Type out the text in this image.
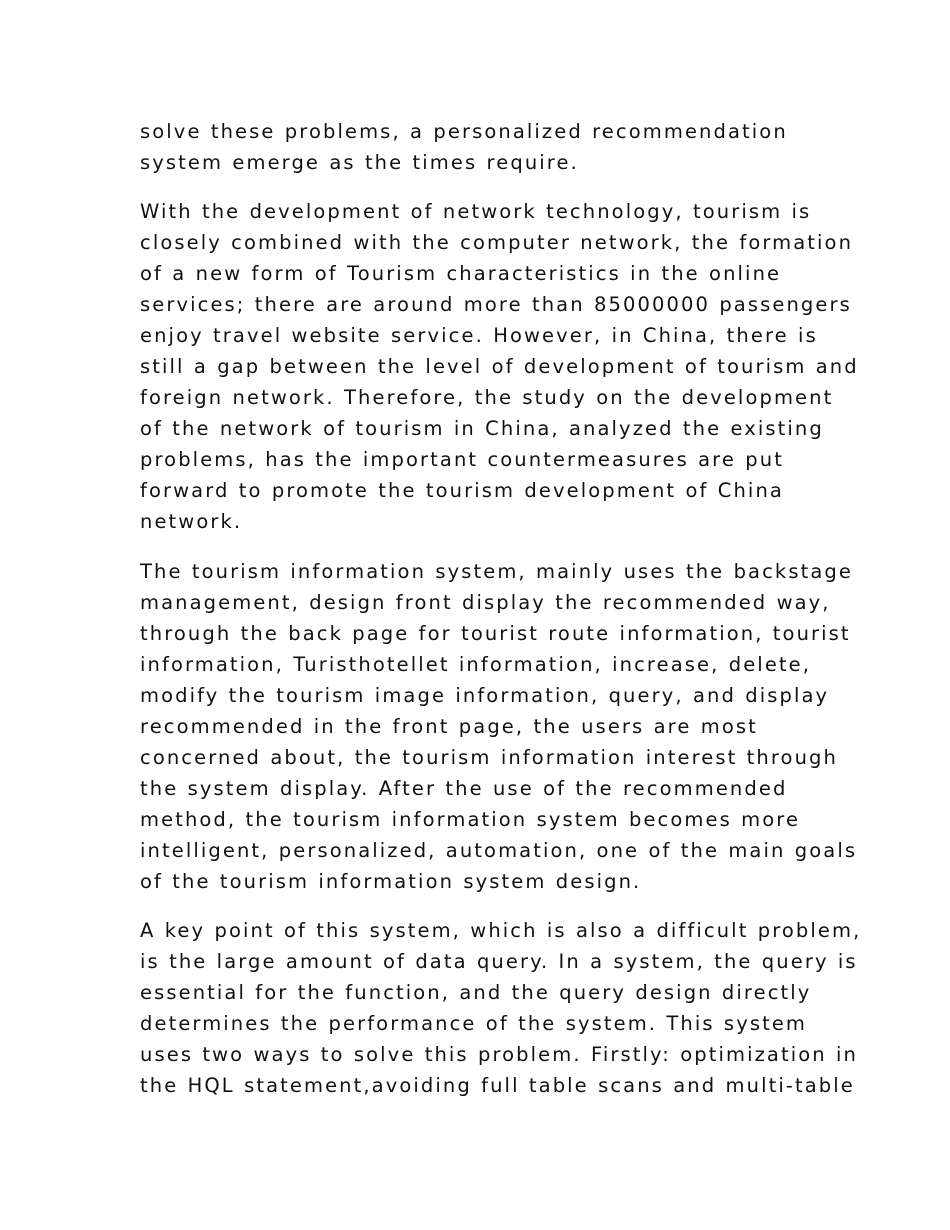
solve these problems, a personalized recommendation
system emerge as the times require.

With the development of network technology, tourism is
closely combined with the computer network, the formation
of a new form of Tourism characteristics in the online
services; there are around more than 85000000 passengers
enjoy travel website service. However, in China, there is
still a gap between the level of development of tourism and
foreign network. Therefore, the study on the development
of the network of tourism in China, analyzed the existing
problems, has the important countermeasures are put
forward to promote the tourism development of China
network.

The tourism information system, mainly uses the backstage
management, design front display the recommended way,
through the back page for tourist route information, tourist
information, Turisthotellet information, increase, delete,
modify the tourism image information, query, and display
recommended in the front page, the users are most
concerned about, the tourism information interest through
the system display. After the use of the recommended
method, the tourism information system becomes more
intelligent, personalized, automation, one of the main goals
of the tourism information system design.

A key point of this system, which is also a difficult problem,
is the large amount of data query. In a system, the query is
essential for the function, and the query design directly
determines the performance of the system. This system
uses two ways to solve this problem. Firstly: optimization in
the HQL statement,avoiding full table scans and multi-table
